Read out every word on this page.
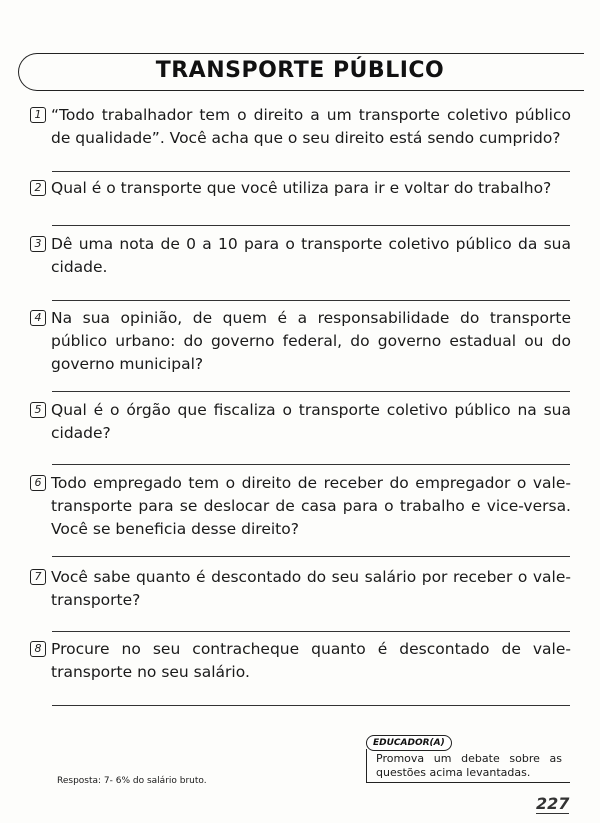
TRANSPORTE PÚBLICO
1 “Todo trabalhador tem o direito a um transporte coletivo público de qualidade”. Você acha que o seu direito está sendo cumprido?
2 Qual é o transporte que você utiliza para ir e voltar do trabalho?
3 Dê uma nota de 0 a 10 para o transporte coletivo público da sua cidade.
4 Na sua opinião, de quem é a responsabilidade do transporte público urbano: do governo federal, do governo estadual ou do governo municipal?
5 Qual é o órgão que fiscaliza o transporte coletivo público na sua cidade?
6 Todo empregado tem o direito de receber do empregador o vale-transporte para se deslocar de casa para o trabalho e vice-versa. Você se beneficia desse direito?
7 Você sabe quanto é descontado do seu salário por receber o vale-transporte?
8 Procure no seu contracheque quanto é descontado de vale-transporte no seu salário.
EDUCADOR(A)
Promova um debate sobre as questões acima levantadas.
Resposta: 7- 6% do salário bruto.
227
